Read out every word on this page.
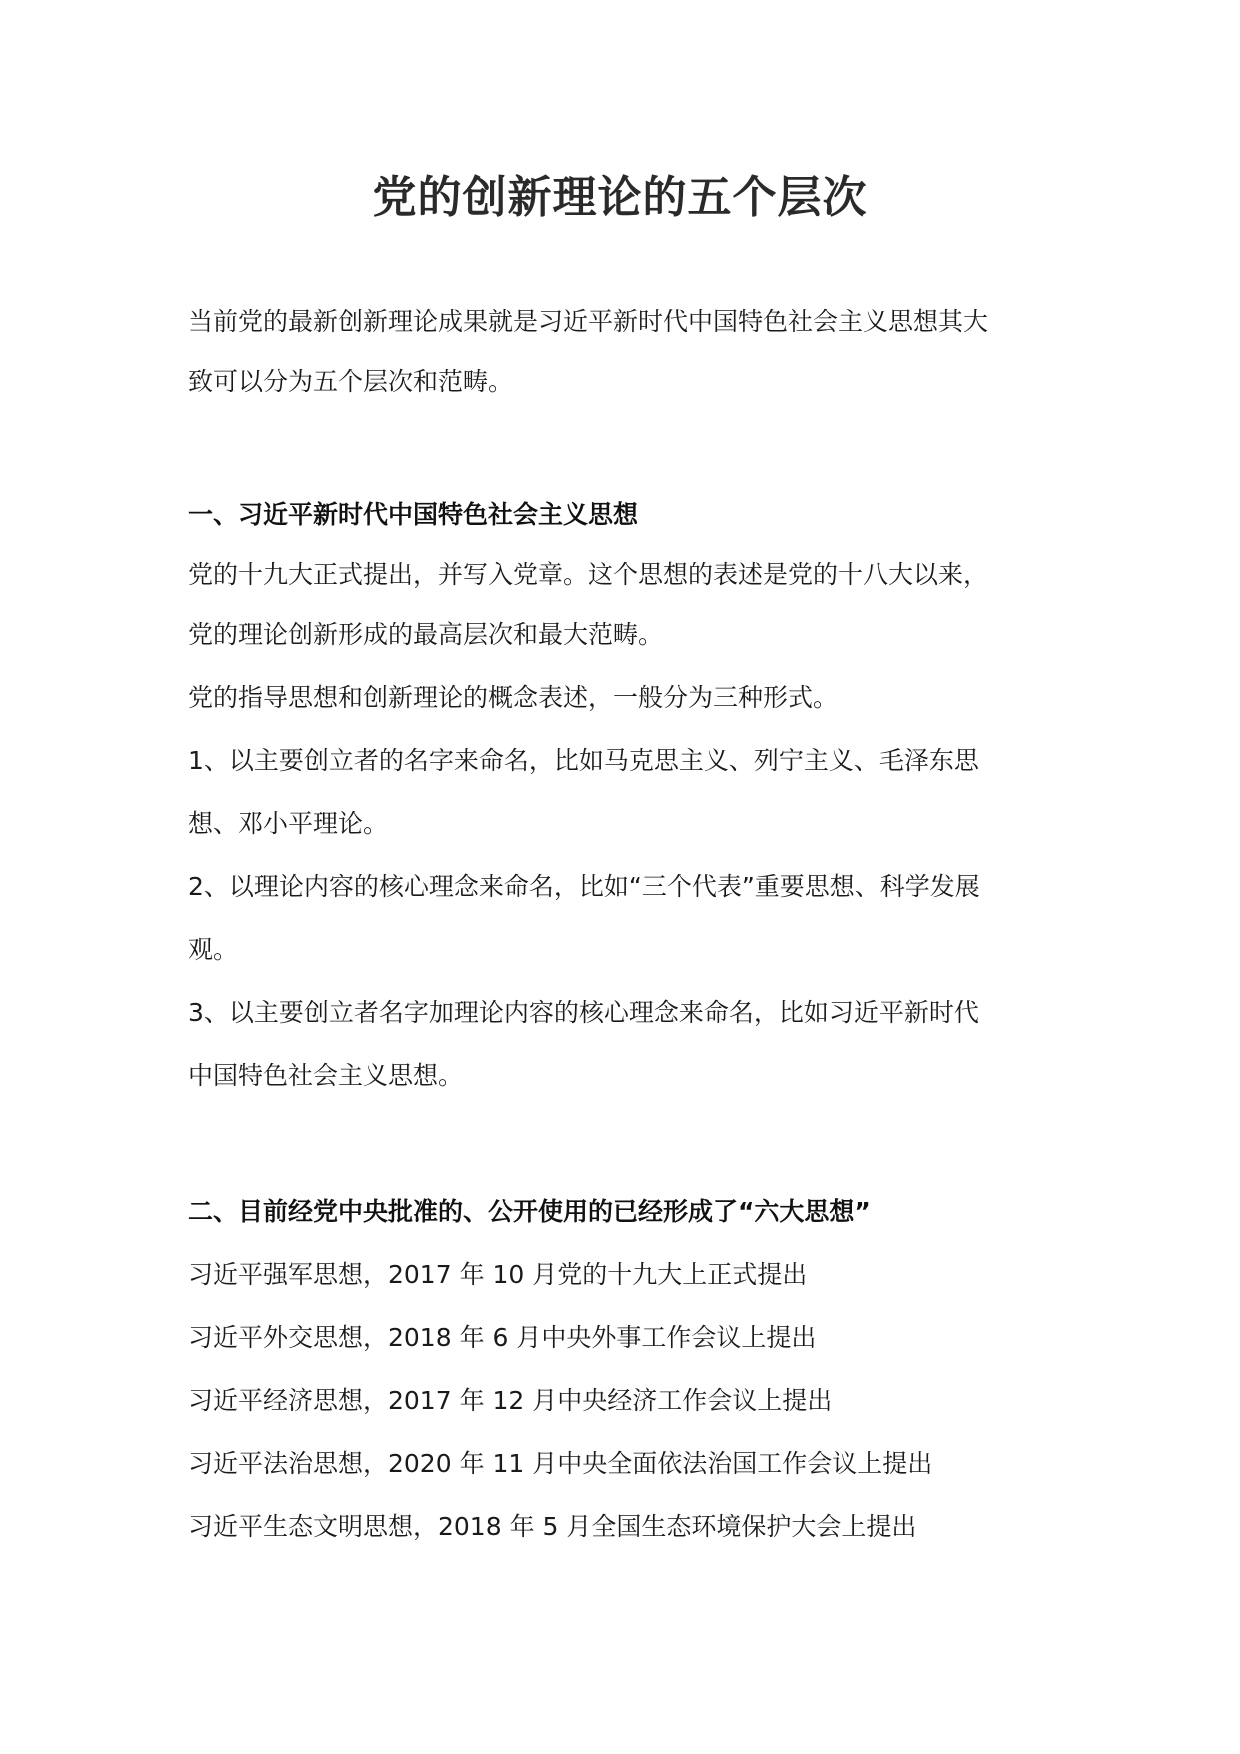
党的创新理论的五个层次

当前党的最新创新理论成果就是习近平新时代中国特色社会主义思想其大

致可以分为五个层次和范畴。

一、习近平新时代中国特色社会主义思想

党的十九大正式提出，并写入党章。这个思想的表述是党的十八大以来，

党的理论创新形成的最高层次和最大范畴。

党的指导思想和创新理论的概念表述，一般分为三种形式。

1、以主要创立者的名字来命名，比如马克思主义、列宁主义、毛泽东思

想、邓小平理论。

2、以理论内容的核心理念来命名，比如“三个代表”重要思想、科学发展

观。

3、以主要创立者名字加理论内容的核心理念来命名，比如习近平新时代

中国特色社会主义思想。

二、目前经党中央批准的、公开使用的已经形成了“六大思想”

习近平强军思想，2017 年 10 月党的十九大上正式提出

习近平外交思想，2018 年 6 月中央外事工作会议上提出

习近平经济思想，2017 年 12 月中央经济工作会议上提出

习近平法治思想，2020 年 11 月中央全面依法治国工作会议上提出

习近平生态文明思想，2018 年 5 月全国生态环境保护大会上提出
